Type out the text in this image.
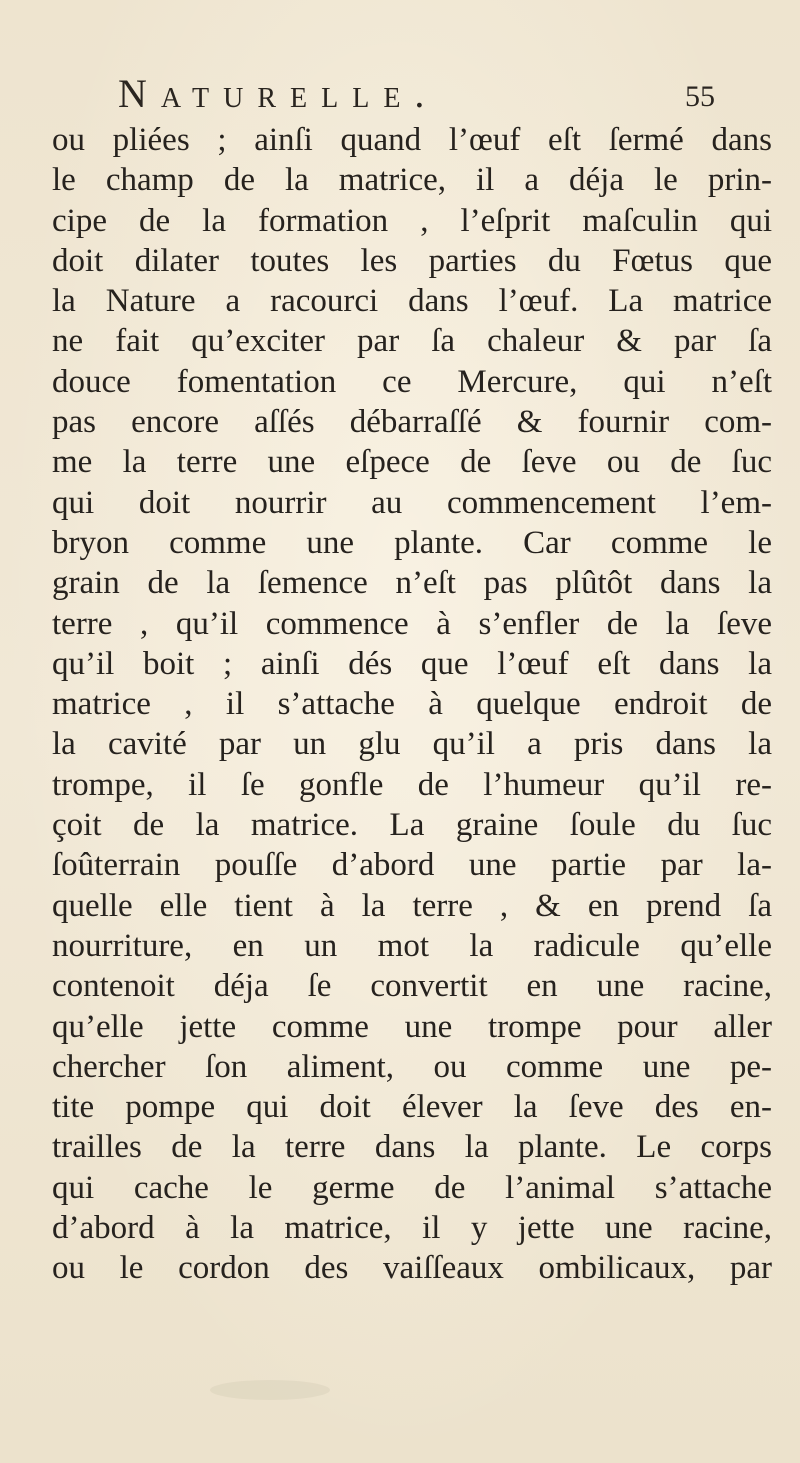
Naturelle.	55
ou pliées ; ainſi quand l’œuf eſt ſermé dans
le champ de la matrice, il a déja le prin-
cipe de la formation , l’eſprit maſculin qui
doit dilater toutes les parties du Fœtus que
la Nature a racourci dans l’œuf. La matrice
ne fait qu’exciter par ſa chaleur & par ſa
douce fomentation ce Mercure, qui n’eſt
pas encore aſſés débarraſſé & fournir com-
me la terre une eſpece de ſeve ou de ſuc
qui doit nourrir au commencement l’em-
bryon comme une plante. Car comme le
grain de la ſemence n’eſt pas plûtôt dans la
terre , qu’il commence à s’enfler de la ſeve
qu’il boit ; ainſi dés que l’œuf eſt dans la
matrice , il s’attache à quelque endroit de
la cavité par un glu qu’il a pris dans la
trompe, il ſe gonfle de l’humeur qu’il re-
çoit de la matrice. La graine ſoule du ſuc
ſoûterrain pouſſe d’abord une partie par la-
quelle elle tient à la terre , & en prend ſa
nourriture, en un mot la radicule qu’elle
contenoit déja ſe convertit en une racine,
qu’elle jette comme une trompe pour aller
chercher ſon aliment, ou comme une pe-
tite pompe qui doit élever la ſeve des en-
trailles de la terre dans la plante. Le corps
qui cache le germe de l’animal s’attache
d’abord à la matrice, il y jette une racine,
ou le cordon des vaiſſeaux ombilicaux, par
